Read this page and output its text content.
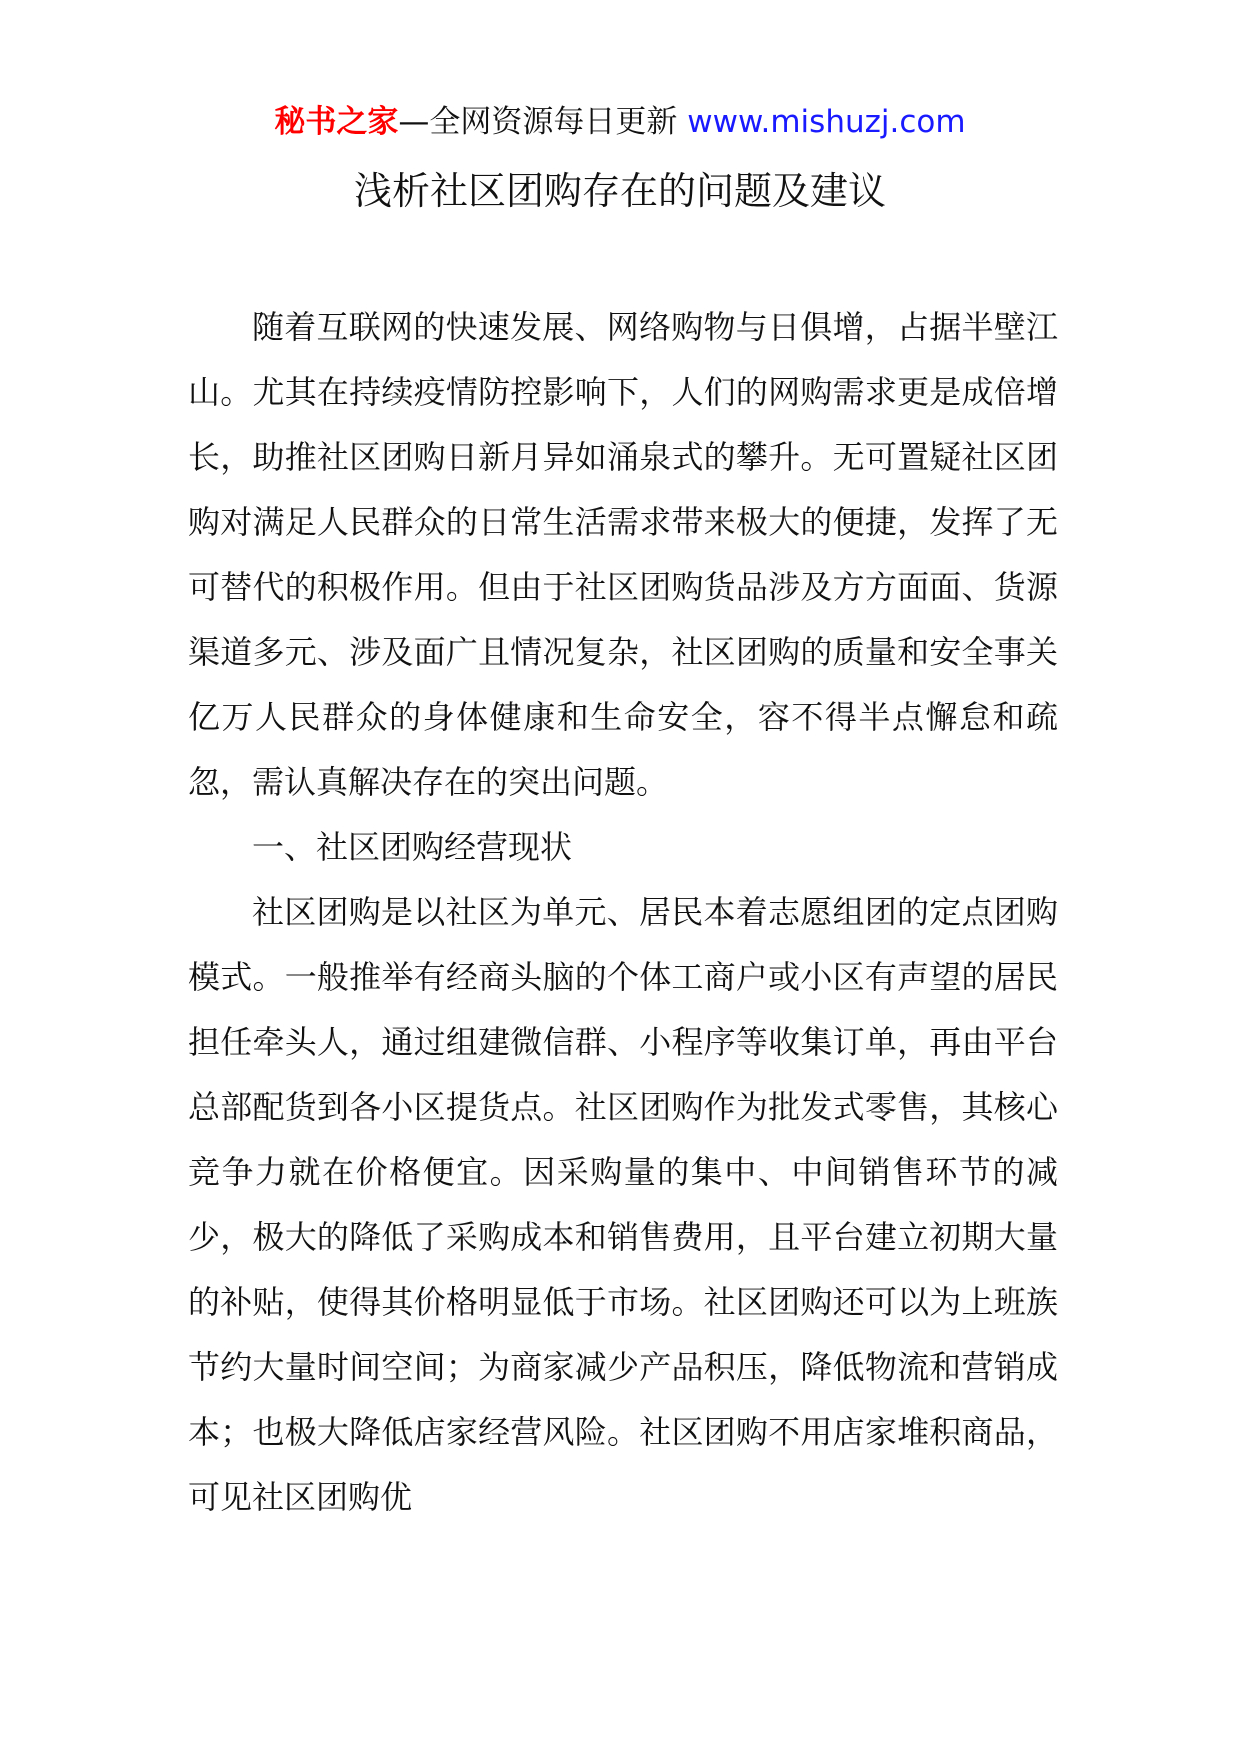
秘书之家—全网资源每日更新 www.mishuzj.com
浅析社区团购存在的问题及建议

随着互联网的快速发展、网络购物与日俱增，占据半壁江山。尤其在持续疫情防控影响下，人们的网购需求更是成倍增长，助推社区团购日新月异如涌泉式的攀升。无可置疑社区团购对满足人民群众的日常生活需求带来极大的便捷，发挥了无可替代的积极作用。但由于社区团购货品涉及方方面面、货源渠道多元、涉及面广且情况复杂，社区团购的质量和安全事关亿万人民群众的身体健康和生命安全，容不得半点懈怠和疏忽，需认真解决存在的突出问题。

一、社区团购经营现状

社区团购是以社区为单元、居民本着志愿组团的定点团购模式。一般推举有经商头脑的个体工商户或小区有声望的居民担任牵头人，通过组建微信群、小程序等收集订单，再由平台总部配货到各小区提货点。社区团购作为批发式零售，其核心竞争力就在价格便宜。因采购量的集中、中间销售环节的减少，极大的降低了采购成本和销售费用，且平台建立初期大量的补贴，使得其价格明显低于市场。社区团购还可以为上班族节约大量时间空间；为商家减少产品积压，降低物流和营销成本；也极大降低店家经营风险。社区团购不用店家堆积商品，可见社区团购优
